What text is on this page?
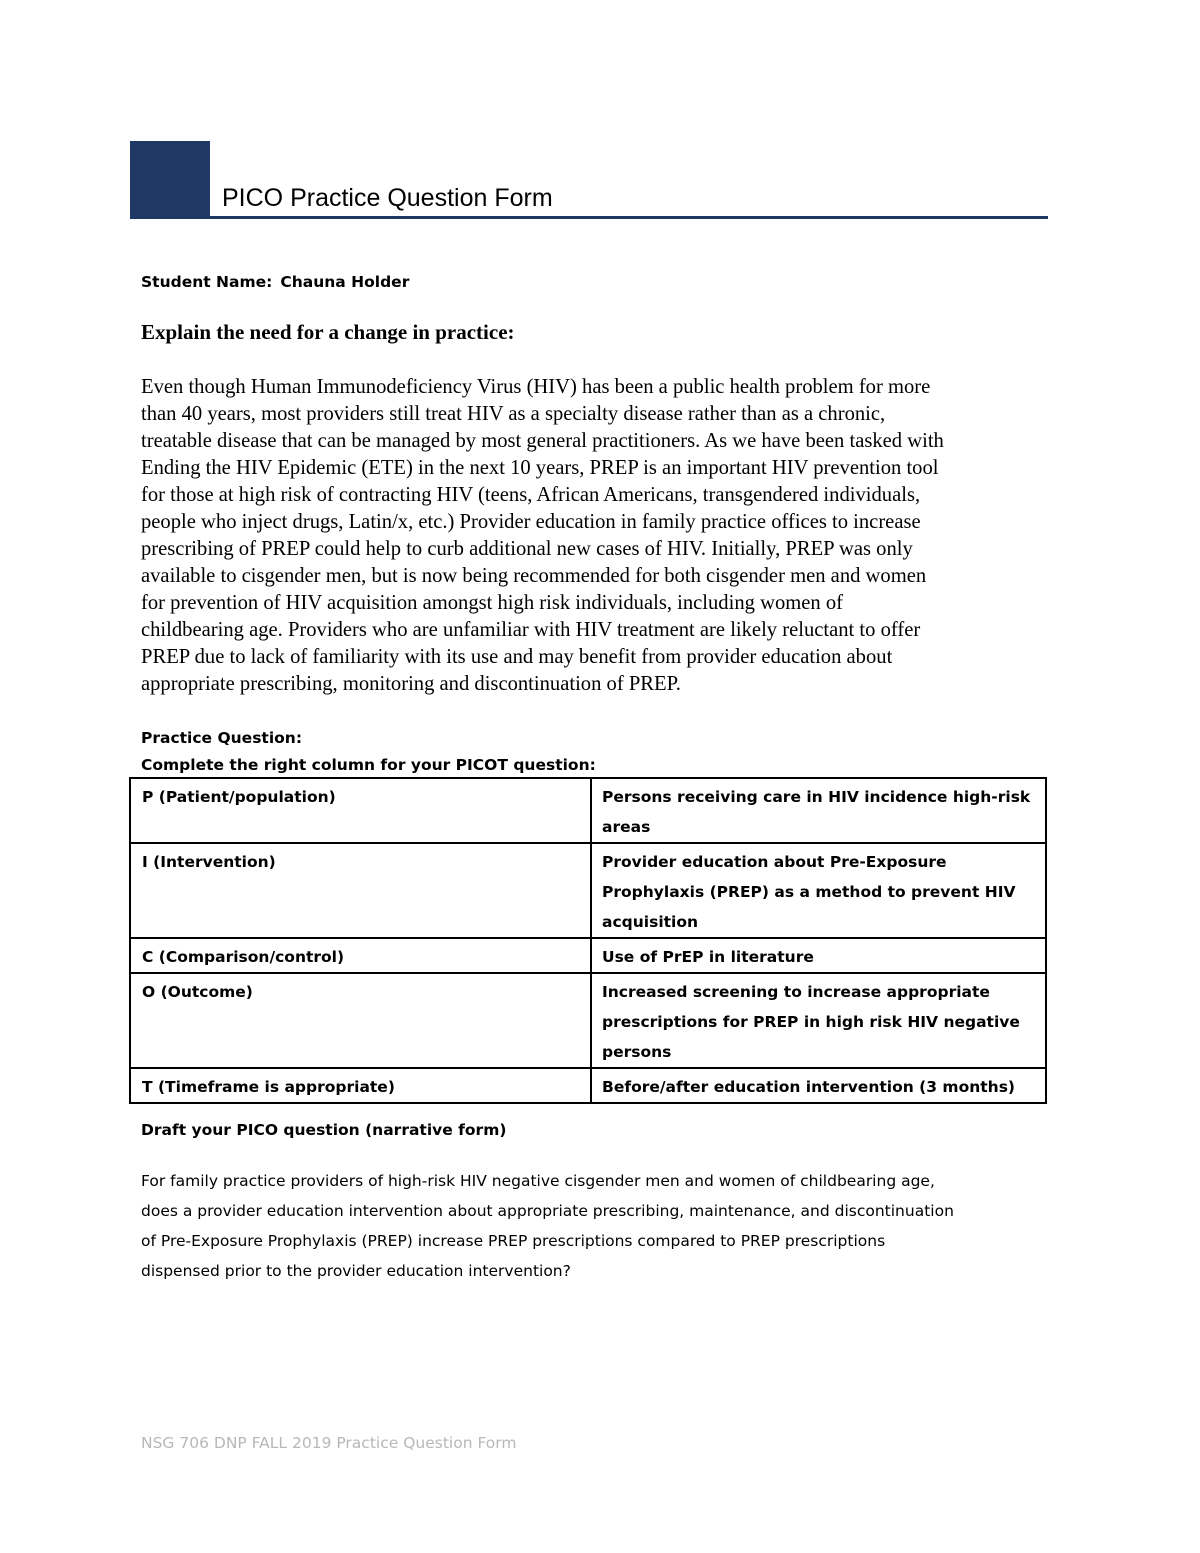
PICO Practice Question Form
Student Name: Chauna Holder
Explain the need for a change in practice:
Even though Human Immunodeficiency Virus (HIV) has been a public health problem for more
than 40 years, most providers still treat HIV as a specialty disease rather than as a chronic,
treatable disease that can be managed by most general practitioners. As we have been tasked with
Ending the HIV Epidemic (ETE) in the next 10 years, PREP is an important HIV prevention tool
for those at high risk of contracting HIV (teens, African Americans, transgendered individuals,
people who inject drugs, Latin/x, etc.) Provider education in family practice offices to increase
prescribing of PREP could help to curb additional new cases of HIV. Initially, PREP was only
available to cisgender men, but is now being recommended for both cisgender men and women
for prevention of HIV acquisition amongst high risk individuals, including women of
childbearing age. Providers who are unfamiliar with HIV treatment are likely reluctant to offer
PREP due to lack of familiarity with its use and may benefit from provider education about
appropriate prescribing, monitoring and discontinuation of PREP.
Practice Question:
Complete the right column for your PICOT question:
P (Patient/population)	Persons receiving care in HIV incidence high-risk
areas

I (Intervention)	Provider education about Pre-Exposure
Prophylaxis (PREP) as a method to prevent HIV
acquisition

C (Comparison/control)	Use of PrEP in literature

O (Outcome)	Increased screening to increase appropriate
prescriptions for PREP in high risk HIV negative
persons

T (Timeframe is appropriate)	Before/after education intervention (3 months)
Draft your PICO question (narrative form)
For family practice providers of high-risk HIV negative cisgender men and women of childbearing age,
does a provider education intervention about appropriate prescribing, maintenance, and discontinuation
of Pre-Exposure Prophylaxis (PREP) increase PREP prescriptions compared to PREP prescriptions
dispensed prior to the provider education intervention?
NSG 706 DNP FALL 2019 Practice Question Form
